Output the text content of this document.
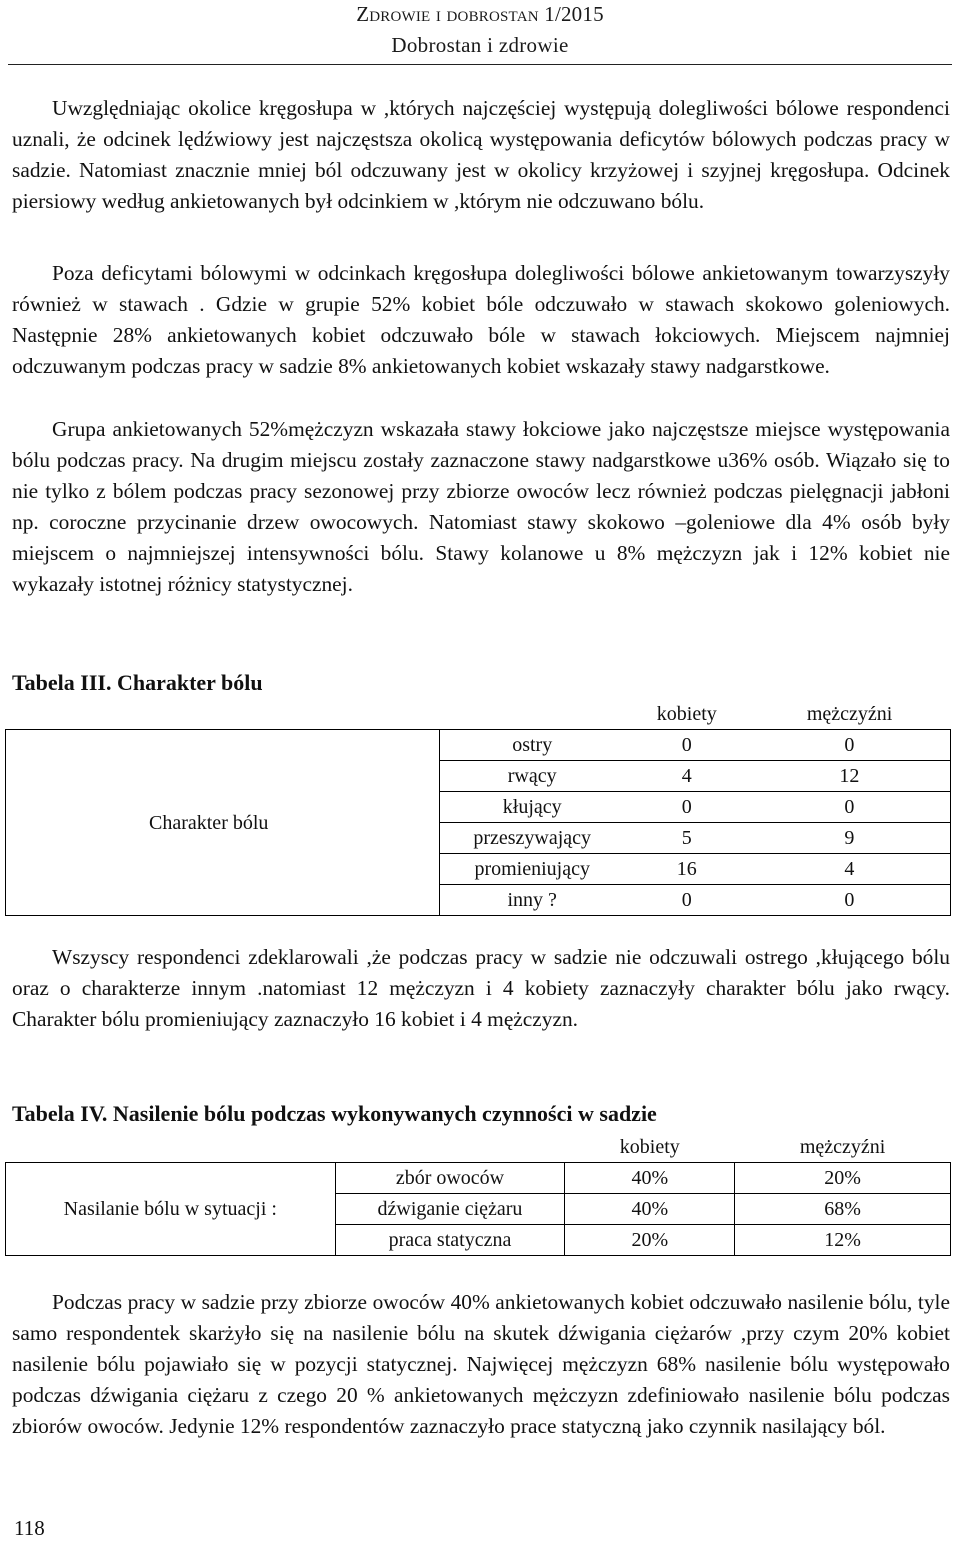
Zdrowie i dobrostan 1/2015
Dobrostan i zdrowie

Uwzględniając okolice kręgosłupa w ,których najczęściej występują dolegliwości bólowe respondenci uznali, że odcinek lędźwiowy jest najczęstsza okolicą występowania deficytów bólowych podczas pracy w sadzie. Natomiast znacznie mniej ból odczuwany jest w okolicy krzyżowej i szyjnej kręgosłupa. Odcinek piersiowy według ankietowanych był odcinkiem w ,którym nie odczuwano bólu.

Poza deficytami bólowymi w odcinkach kręgosłupa dolegliwości bólowe ankietowanym towarzyszyły również w stawach . Gdzie w grupie 52% kobiet bóle odczuwało w stawach skokowo goleniowych. Następnie 28% ankietowanych kobiet odczuwało bóle w stawach łokciowych. Miejscem najmniej odczuwanym podczas pracy w sadzie 8% ankietowanych kobiet wskazały stawy nadgarstkowe.

Grupa ankietowanych 52%mężczyzn wskazała stawy łokciowe jako najczęstsze miejsce występowania bólu podczas pracy. Na drugim miejscu zostały zaznaczone stawy nadgarstkowe u36% osób. Wiązało się to nie tylko z bólem podczas pracy sezonowej przy zbiorze owoców lecz również podczas pielęgnacji jabłoni np. coroczne przycinanie drzew owocowych. Natomiast stawy skokowo –goleniowe dla 4% osób były miejscem o najmniejszej intensywności bólu. Stawy kolanowe u 8% mężczyzn jak i 12% kobiet nie wykazały istotnej różnicy statystycznej.

Tabela III. Charakter bólu

		kobiety	mężczyźni
Charakter bólu	ostry	0	0
	rwący	4	12
	kłujący	0	0
	przeszywający	5	9
	promieniujący	16	4
	inny ?	0	0

Wszyscy respondenci zdeklarowali ,że podczas pracy w sadzie nie odczuwali ostrego ,kłującego bólu oraz o charakterze innym .natomiast 12 mężczyzn i 4 kobiety zaznaczyły charakter bólu jako rwący. Charakter bólu promieniujący zaznaczyło 16 kobiet i 4 mężczyzn.

Tabela IV. Nasilenie bólu podczas wykonywanych czynności w sadzie

		kobiety	mężczyźni
Nasilanie bólu w sytuacji :	zbór owoców	40%	20%
	dźwiganie ciężaru	40%	68%
	praca statyczna	20%	12%

Podczas pracy w sadzie przy zbiorze owoców 40% ankietowanych kobiet odczuwało nasilenie bólu, tyle samo respondentek skarżyło się na nasilenie bólu na skutek dźwigania ciężarów ,przy czym 20% kobiet nasilenie bólu pojawiało się w pozycji statycznej. Najwięcej mężczyzn 68% nasilenie bólu występowało podczas dźwigania ciężaru z czego 20 % ankietowanych mężczyzn zdefiniowało nasilenie bólu podczas zbiorów owoców. Jedynie 12% respondentów zaznaczyło prace statyczną jako czynnik nasilający ból.

118
